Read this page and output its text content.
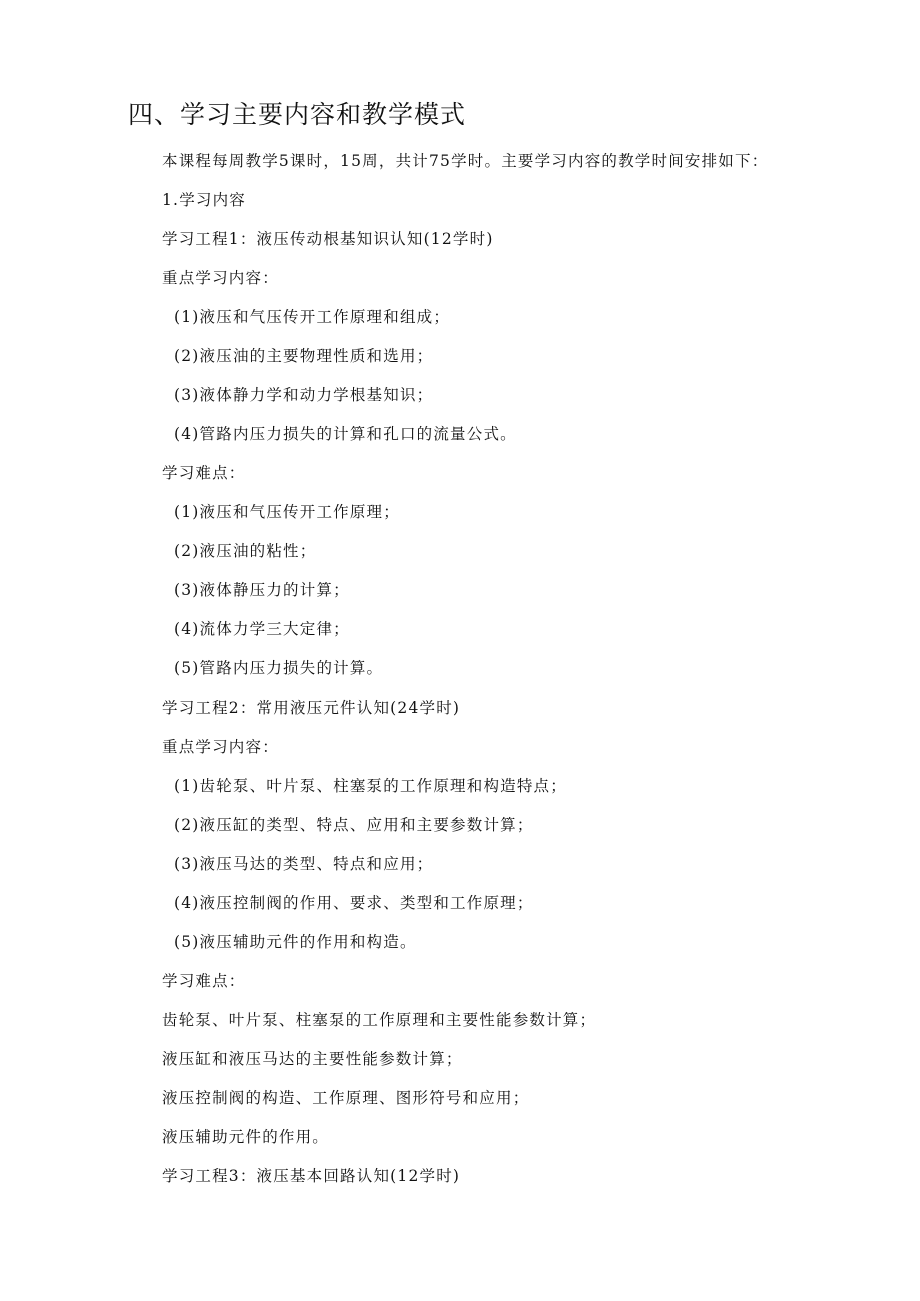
四、学习主要内容和教学模式
本课程每周教学5课时，15周，共计75学时。主要学习内容的教学时间安排如下：
1.学习内容
学习工程1：液压传动根基知识认知(12学时)
重点学习内容：
(1)液压和气压传开工作原理和组成；
(2)液压油的主要物理性质和选用；
(3)液体静力学和动力学根基知识；
(4)管路内压力损失的计算和孔口的流量公式。
学习难点：
(1)液压和气压传开工作原理；
(2)液压油的粘性；
(3)液体静压力的计算；
(4)流体力学三大定律；
(5)管路内压力损失的计算。
学习工程2：常用液压元件认知(24学时)
重点学习内容：
(1)齿轮泵、叶片泵、柱塞泵的工作原理和构造特点；
(2)液压缸的类型、特点、应用和主要参数计算；
(3)液压马达的类型、特点和应用；
(4)液压控制阀的作用、要求、类型和工作原理；
(5)液压辅助元件的作用和构造。
学习难点：
齿轮泵、叶片泵、柱塞泵的工作原理和主要性能参数计算；
液压缸和液压马达的主要性能参数计算；
液压控制阀的构造、工作原理、图形符号和应用；
液压辅助元件的作用。
学习工程3：液压基本回路认知(12学时)
